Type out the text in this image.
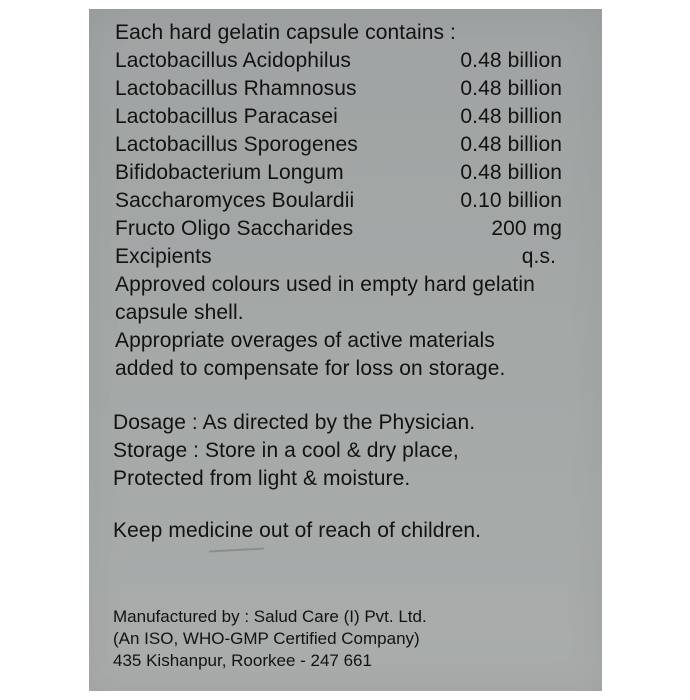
Each hard gelatin capsule contains :
Lactobacillus Acidophilus	0.48 billion
Lactobacillus Rhamnosus	0.48 billion
Lactobacillus Paracasei	0.48 billion
Lactobacillus Sporogenes	0.48 billion
Bifidobacterium Longum	0.48 billion
Saccharomyces Boulardii	0.10 billion
Fructo Oligo Saccharides	200 mg
Excipients	q.s.
Approved colours used in empty hard gelatin
capsule shell.
Appropriate overages of active materials
added to compensate for loss on storage.
Dosage : As directed by the Physician.
Storage : Store in a cool & dry place,
Protected from light & moisture.
Keep medicine out of reach of children.
Manufactured by : Salud Care (I) Pvt. Ltd.
(An ISO, WHO-GMP Certified Company)
435 Kishanpur, Roorkee - 247 661
